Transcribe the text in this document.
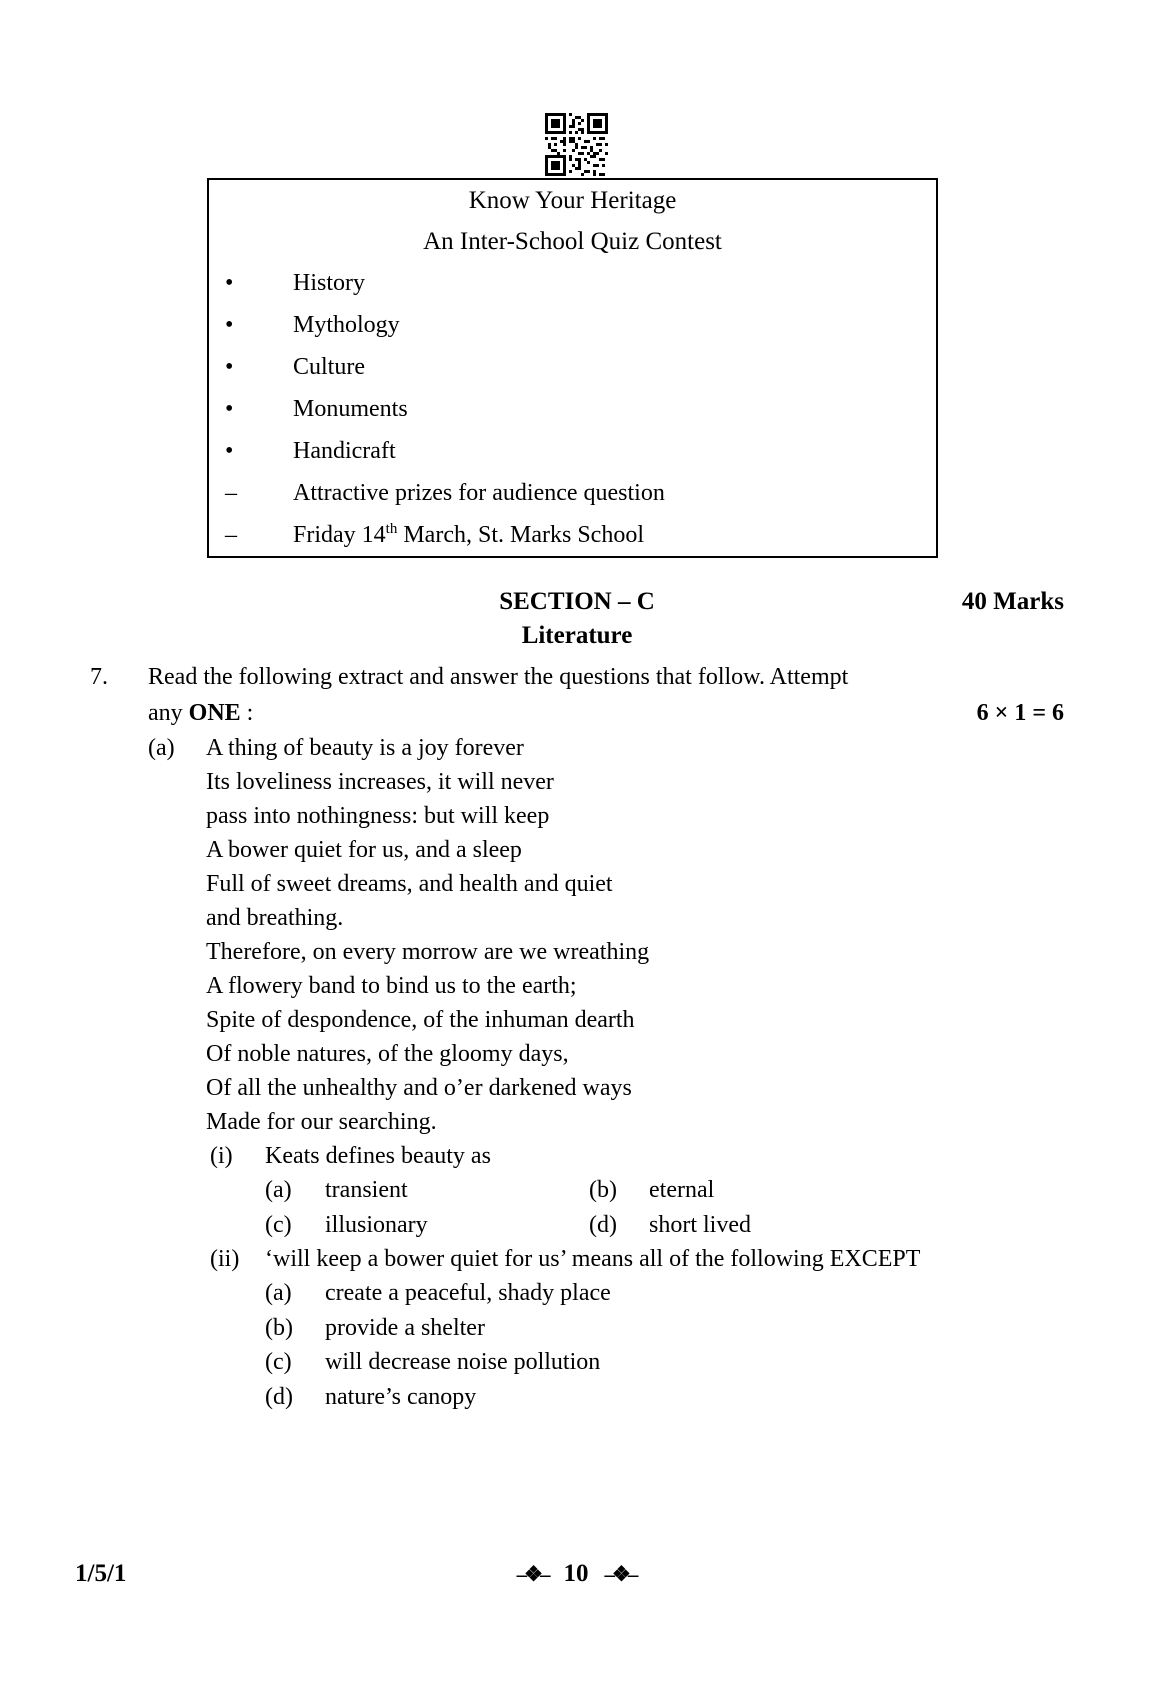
Know Your Heritage
An Inter-School Quiz Contest
•	History
•	Mythology
•	Culture
•	Monuments
•	Handicraft
–	Attractive prizes for audience question
–	Friday 14th March, St. Marks School
SECTION – C	40 Marks
Literature
7.	Read the following extract and answer the questions that follow. Attempt
any ONE :	6 × 1 = 6
(a)	A thing of beauty is a joy forever
Its loveliness increases, it will never
pass into nothingness: but will keep
A bower quiet for us, and a sleep
Full of sweet dreams, and health and quiet
and breathing.
Therefore, on every morrow are we wreathing
A flowery band to bind us to the earth;
Spite of despondence, of the inhuman dearth
Of noble natures, of the gloomy days,
Of all the unhealthy and o’er darkened ways
Made for our searching.
(i)	Keats defines beauty as
(a)	transient	(b)	eternal
(c)	illusionary	(d)	short lived
(ii)	‘will keep a bower quiet for us’ means all of the following EXCEPT
(a)	create a peaceful, shady place
(b)	provide a shelter
(c)	will decrease noise pollution
(d)	nature’s canopy
1/5/1	–❖– 10 –❖–
